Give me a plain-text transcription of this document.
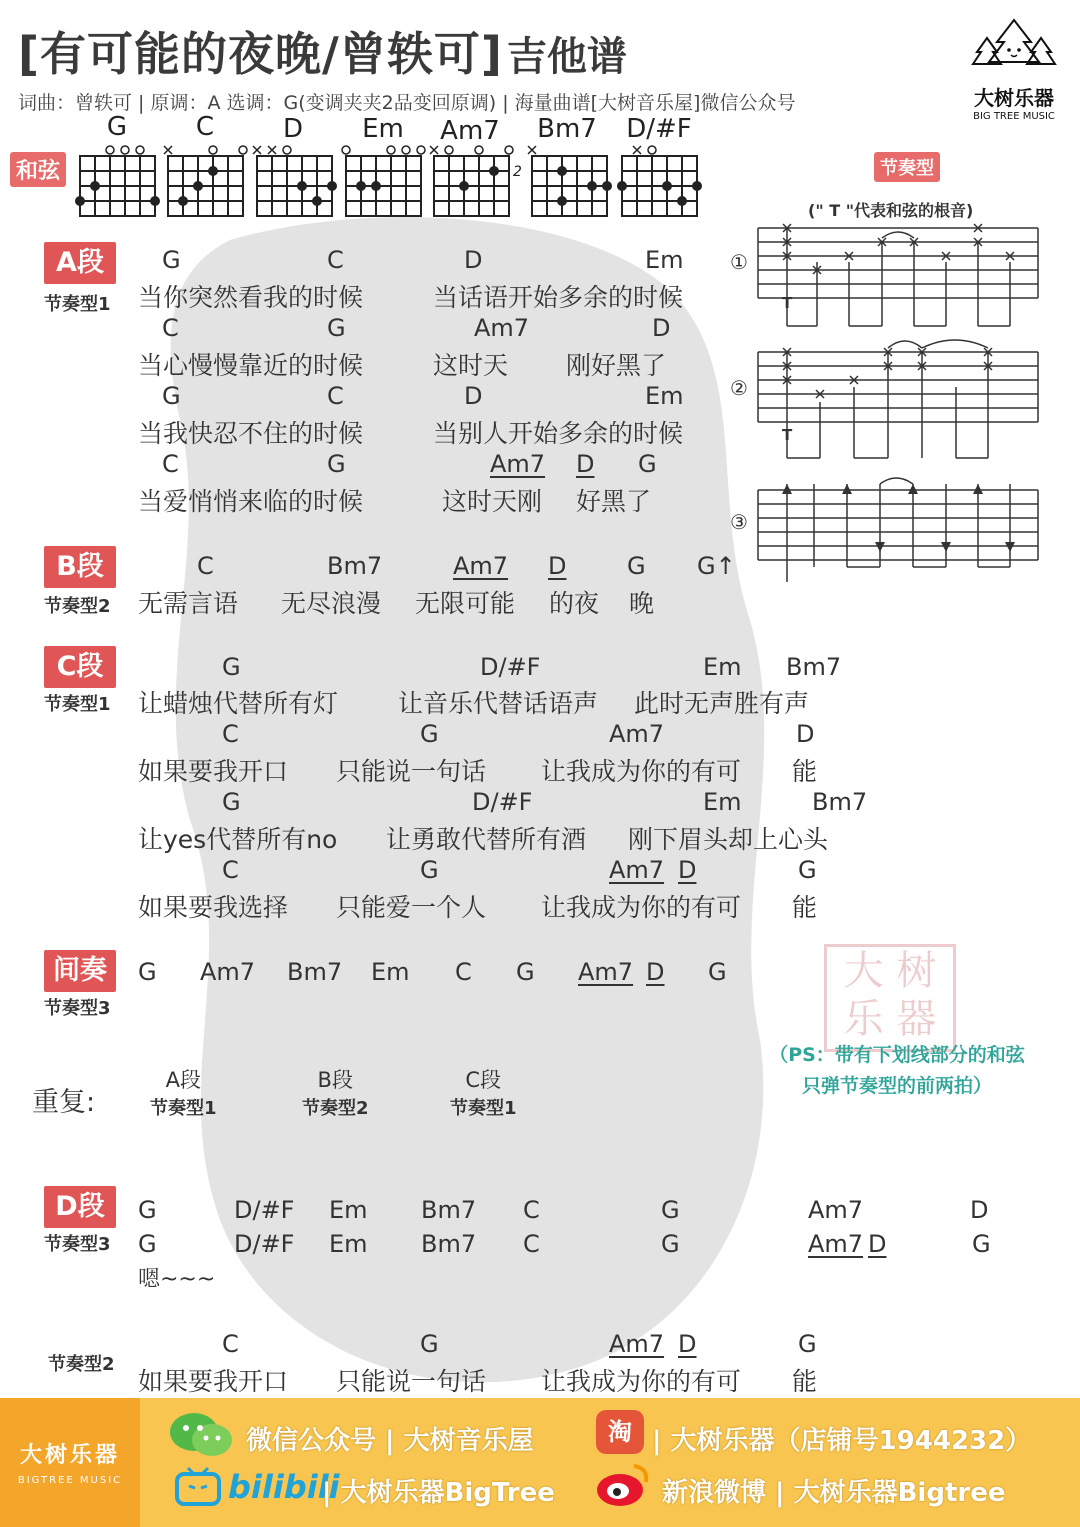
大 树
乐 器
[有可能的夜晚/曾轶可] 吉他谱
词曲：曾轶可 | 原调：A 选调：G(变调夹夹2品变回原调) | 海量曲谱[大树音乐屋]微信公众号	大树乐器
BIG TREE MUSIC
和弦
G	C	D	Em	Am7	Bm7	D/#F
2	节奏型
(" T "代表和弦的根音)
①
②
③
T
T
A段
节奏型1
G	C	D	Em
当你突然看我的时候	当话语开始多余的时候
C	G	Am7	D
当心慢慢靠近的时候	这时天 刚好黑了
G	C	D	Em
当我快忍不住的时候	当别人开始多余的时候
C	G	Am7 D G
当爱悄悄来临的时候	这时天刚 好黑了
B段
节奏型2
C	Bm7	Am7 D	G G↑
无需言语 无尽浪漫 无限可能 的夜 晚
C段
节奏型1
G	D/#F	Em Bm7
让蜡烛代替所有灯 让音乐代替话语声 此时无声胜有声
C	G	Am7	D
如果要我开口 只能说一句话 让我成为你的有可 能
G	D/#F	Em	Bm7
让yes代替所有no 让勇敢代替所有酒 刚下眉头却上心头
C	G	Am7 D	G
如果要我选择 只能爱一个人 让我成为你的有可 能
间奏
节奏型3
G Am7 Bm7 Em C G Am7 D G
重复:
A段
节奏型1
B段
节奏型2
C段
节奏型1
（PS：带有下划线部分的和弦只弹节奏型的前两拍）
D段
节奏型3
G	D/#F Em Bm7 C	G	Am7	D
G	D/#F Em Bm7 C	G	Am7 D	G
嗯~~~
节奏型2
C	G	Am7 D	G
如果要我开口 只能说一句话 让我成为你的有可 能
大树乐器
BIGTREE MUSIC
微信公众号 | 大树音乐屋	淘 | 大树乐器（店铺号1944232）
bilibili
| 大树乐器BigTree	新浪微博 | 大树乐器Bigtree
